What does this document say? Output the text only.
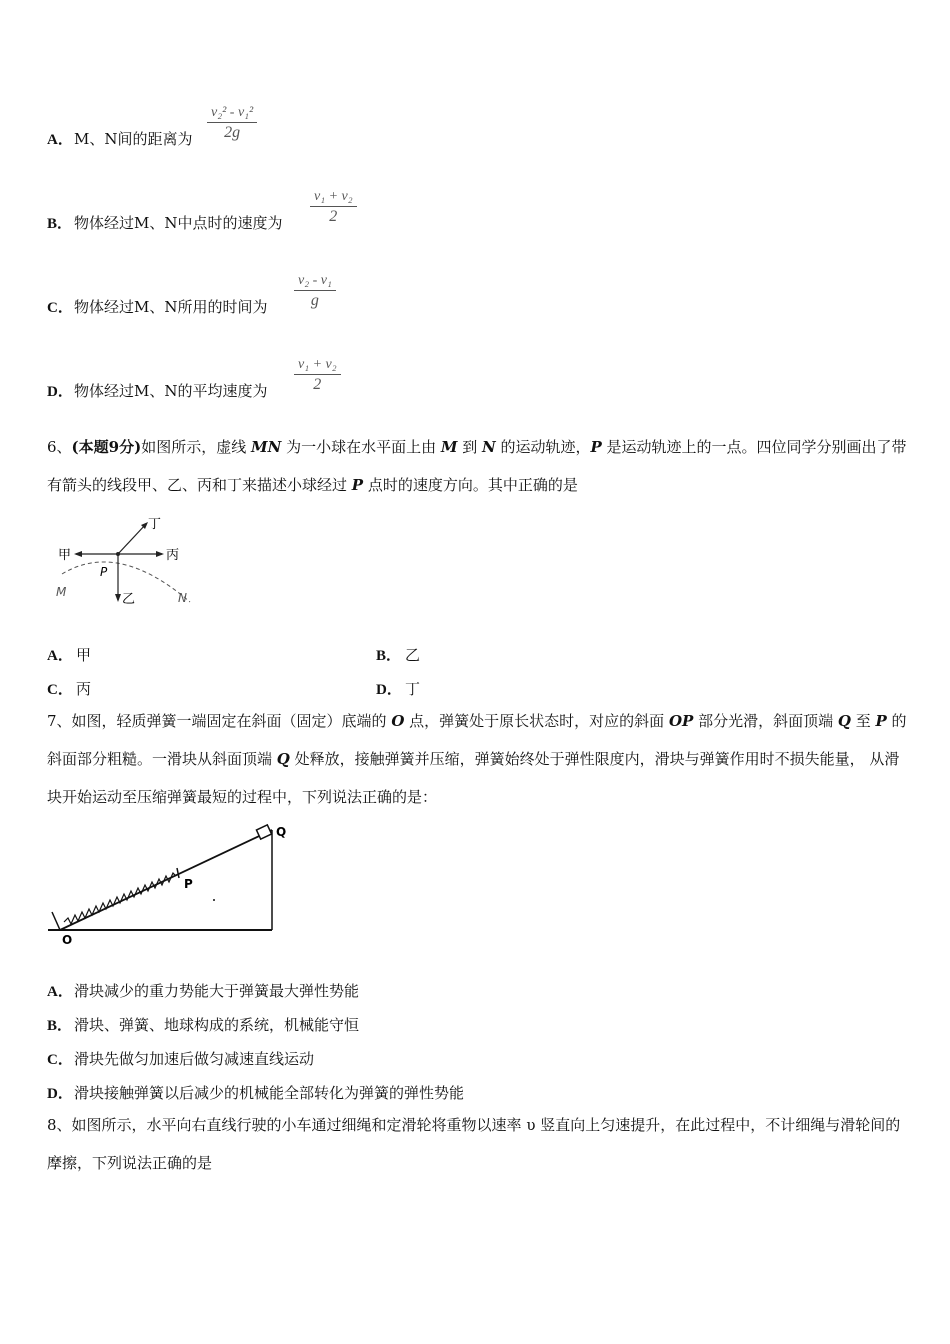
A． M、N间的距离为 $\frac{\text{v₂² - v₁²}}{2g}$
B． 物体经过M、N中点时的速度为 $\frac{\text{v₁ + v₂}}{2}$
C． 物体经过M、N所用的时间为 $\frac{\text{v₂ - v₁}}{g}$
D． 物体经过M、N的平均速度为 $\frac{\text{v₁ + v₂}}{2}$
6、(本题9分)如图所示，虚线 MN 为一小球在水平面上由 M 到 N 的运动轨迹，P 是运动轨迹上的一点。四位同学分别画出了带有箭头的线段甲、乙、丙和丁来描述小球经过 P 点时的速度方向。其中正确的是
甲	丙
乙
丁
P
M	N
A． 甲	B． 乙
C． 丙	D． 丁
7、如图，轻质弹簧一端固定在斜面（固定）底端的 O 点，弹簧处于原长状态时，对应的斜面 OP 部分光滑，斜面顶端 Q 至 P 的斜面部分粗糙。一滑块从斜面顶端 Q 处释放，接触弹簧并压缩，弹簧始终处于弹性限度内，滑块与弹簧作用时不损失能量， 从滑块开始运动至压缩弹簧最短的过程中，下列说法正确的是：
O
P
Q
A． 滑块减少的重力势能大于弹簧最大弹性势能
B． 滑块、弹簧、地球构成的系统，机械能守恒
C． 滑块先做匀加速后做匀减速直线运动
D． 滑块接触弹簧以后减少的机械能全部转化为弹簧的弹性势能
8、如图所示，水平向右直线行驶的小车通过细绳和定滑轮将重物以速率 υ 竖直向上匀速提升，在此过程中，不计细绳与滑轮间的摩擦，下列说法正确的是
